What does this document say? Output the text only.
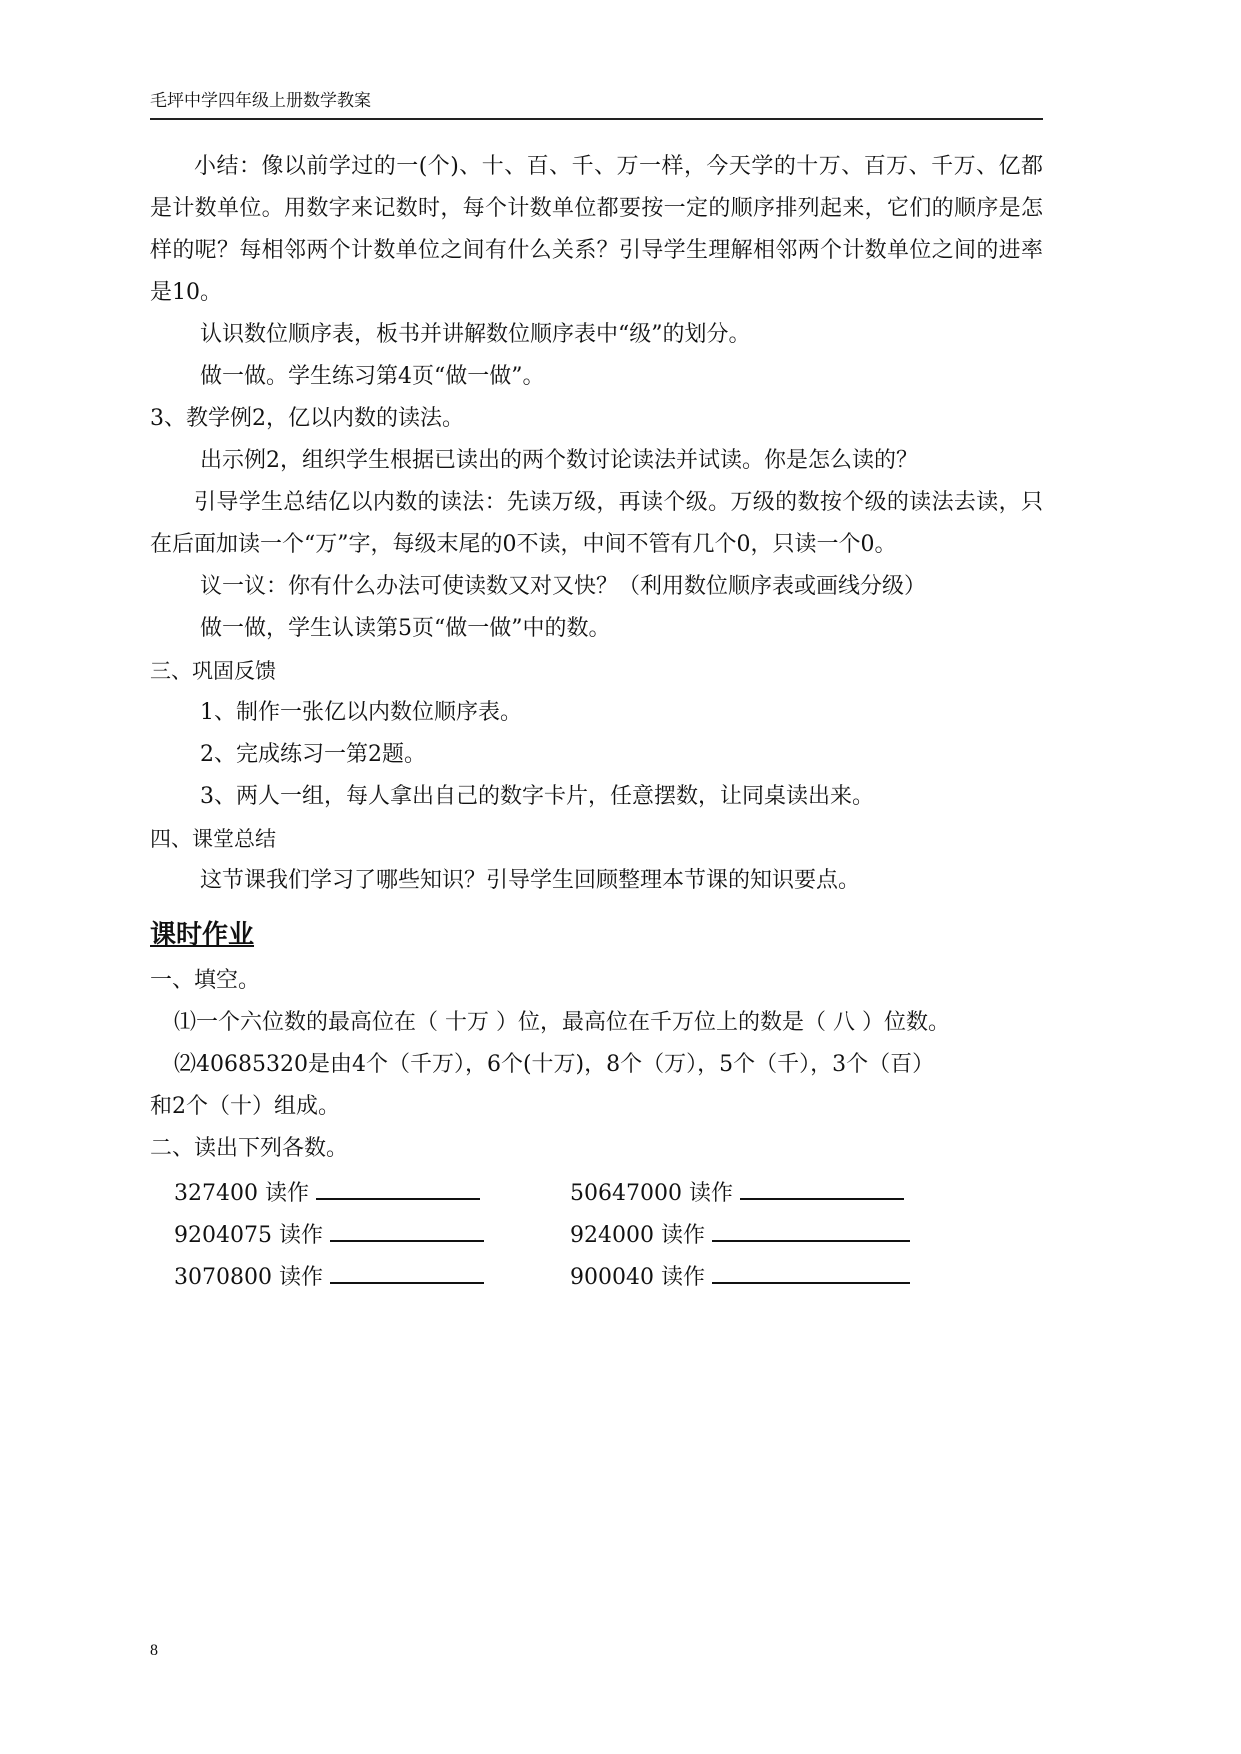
毛坪中学四年级上册数学教案

小结：像以前学过的一(个)、十、百、千、万一样，今天学的十万、百万、千万、亿都是计数单位。用数字来记数时，每个计数单位都要按一定的顺序排列起来，它们的顺序是怎样的呢？每相邻两个计数单位之间有什么关系？引导学生理解相邻两个计数单位之间的进率是10。

认识数位顺序表，板书并讲解数位顺序表中“级”的划分。
做一做。学生练习第4页“做一做”。
3、教学例2，亿以内数的读法。
出示例2，组织学生根据已读出的两个数讨论读法并试读。你是怎么读的？

引导学生总结亿以内数的读法：先读万级，再读个级。万级的数按个级的读法去读，只在后面加读一个“万”字，每级末尾的0不读，中间不管有几个0，只读一个0。

议一议：你有什么办法可使读数又对又快？（利用数位顺序表或画线分级）
做一做，学生认读第5页“做一做”中的数。
三、巩固反馈
1、制作一张亿以内数位顺序表。
2、完成练习一第2题。
3、两人一组，每人拿出自己的数字卡片，任意摆数，让同桌读出来。
四、课堂总结
这节课我们学习了哪些知识？引导学生回顾整理本节课的知识要点。
课时作业
一、填空。
⑴一个六位数的最高位在（ 十万 ）位，最高位在千万位上的数是（ 八 ）位数。
⑵40685320是由4个（千万），6个(十万)，8个（万），5个（千），3个（百）
和2个（十）组成。
二、读出下列各数。
327400 读作	50647000 读作
9204075 读作	924000 读作
3070800 读作	900040 读作
8
